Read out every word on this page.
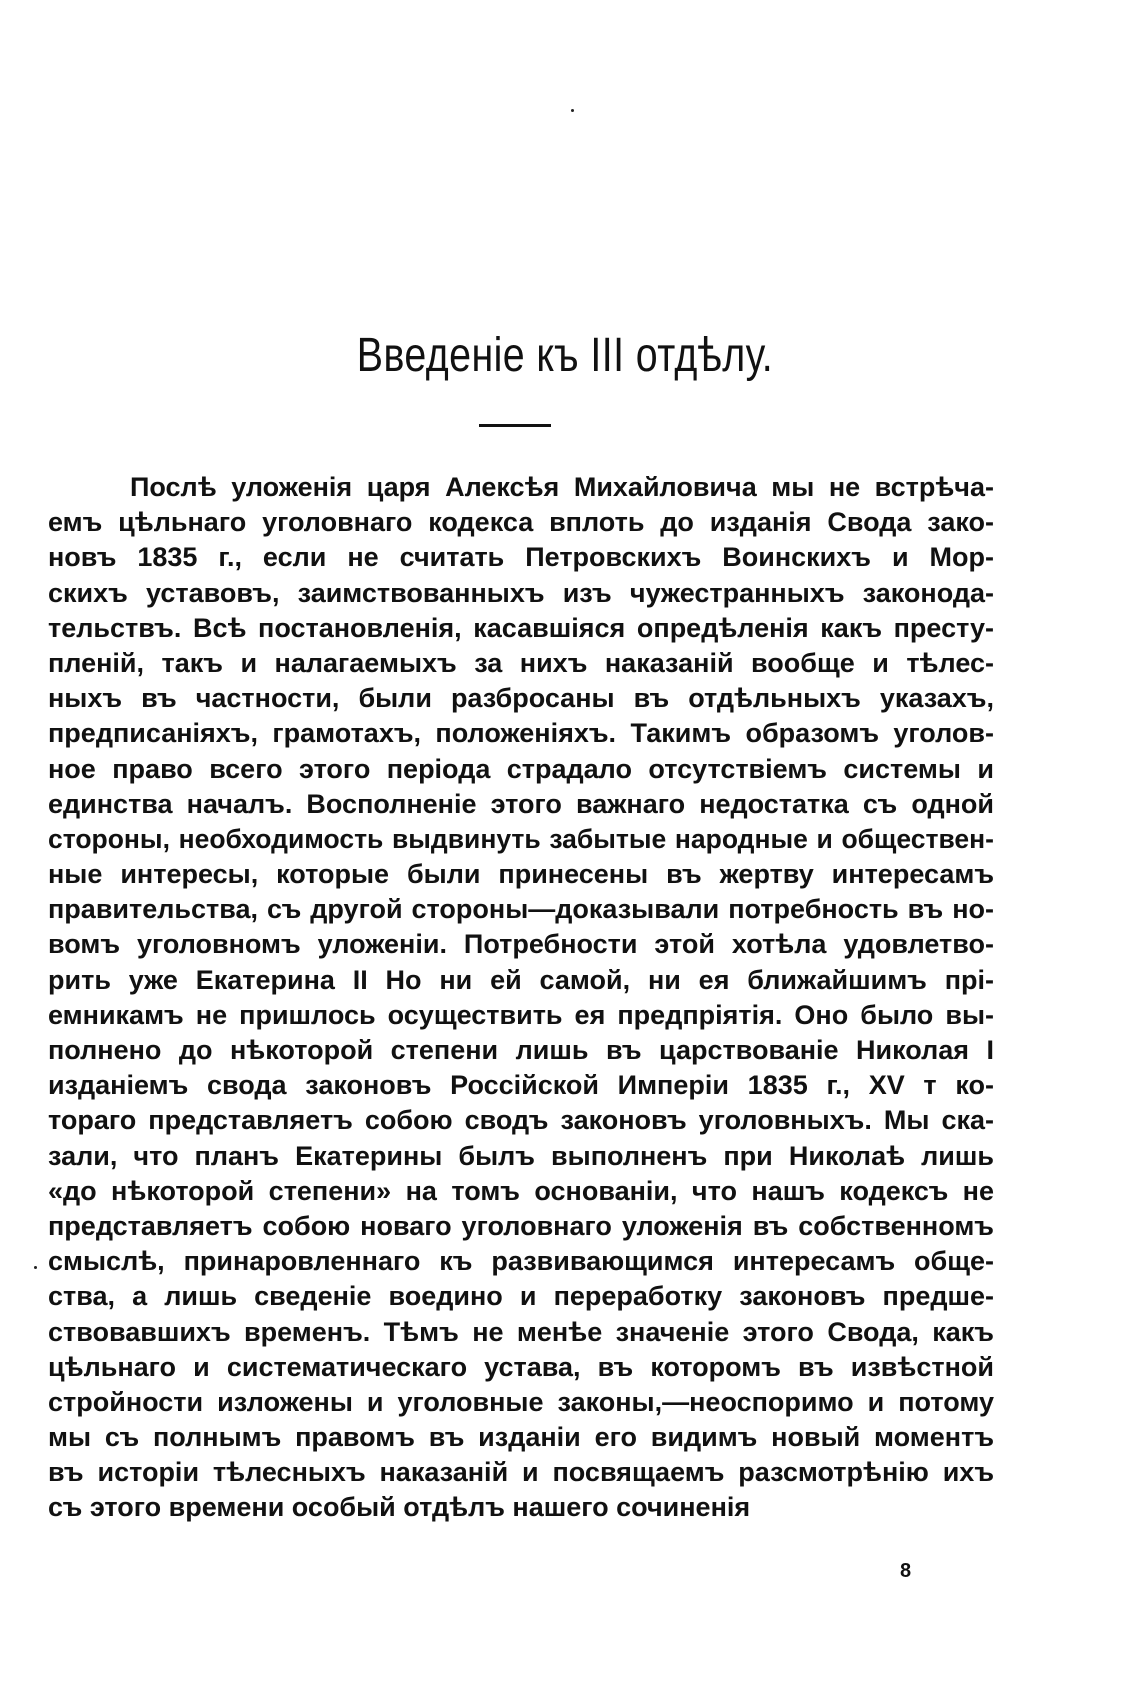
Введеніе къ III отдѣлу.
Послѣ уложенія царя Алексѣя Михайловича мы не встрѣча-
емъ цѣльнаго уголовнаго кодекса вплоть до изданія Свода зако-
новъ 1835 г., если не считать Петровскихъ Воинскихъ и Мор-
скихъ уставовъ, заимствованныхъ изъ чужестранныхъ законода-
тельствъ. Всѣ постановленія, касавшіяся опредѣленія какъ престу-
пленій, такъ и налагаемыхъ за нихъ наказаній вообще и тѣлес-
ныхъ въ частности, были разбросаны въ отдѣльныхъ указахъ,
предписаніяхъ, грамотахъ, положеніяхъ. Такимъ образомъ уголов-
ное право всего этого періода страдало отсутствіемъ системы и
единства началъ. Восполненіе этого важнаго недостатка съ одной
стороны, необходимость выдвинуть забытые народные и обществен-
ные интересы, которые были принесены въ жертву интересамъ
правительства, съ другой стороны—доказывали потребность въ но-
вомъ уголовномъ уложеніи. Потребности этой хотѣла удовлетво-
рить уже Екатерина II Но ни ей самой, ни ея ближайшимъ прі-
емникамъ не пришлось осуществить ея предпріятія. Оно было вы-
полнено до нѣкоторой степени лишь въ царствованіе Николая I
изданіемъ свода законовъ Россійской Имперіи 1835 г., XV т ко-
тораго представляетъ собою сводъ законовъ уголовныхъ. Мы ска-
зали, что планъ Екатерины былъ выполненъ при Николаѣ лишь
«до нѣкоторой степени» на томъ основаніи, что нашъ кодексъ не
представляетъ собою новаго уголовнаго уложенія въ собственномъ
смыслѣ, принаровленнаго къ развивающимся интересамъ обще-
ства, а лишь сведеніе воедино и переработку законовъ предше-
ствовавшихъ временъ. Тѣмъ не менѣе значеніе этого Свода, какъ
цѣльнаго и систематическаго устава, въ которомъ въ извѣстной
стройности изложены и уголовные законы,—неоспоримо и потому
мы съ полнымъ правомъ въ изданіи его видимъ новый моментъ
въ исторіи тѣлесныхъ наказаній и посвящаемъ разсмотрѣнію ихъ
съ этого времени особый отдѣлъ нашего сочиненія
8
